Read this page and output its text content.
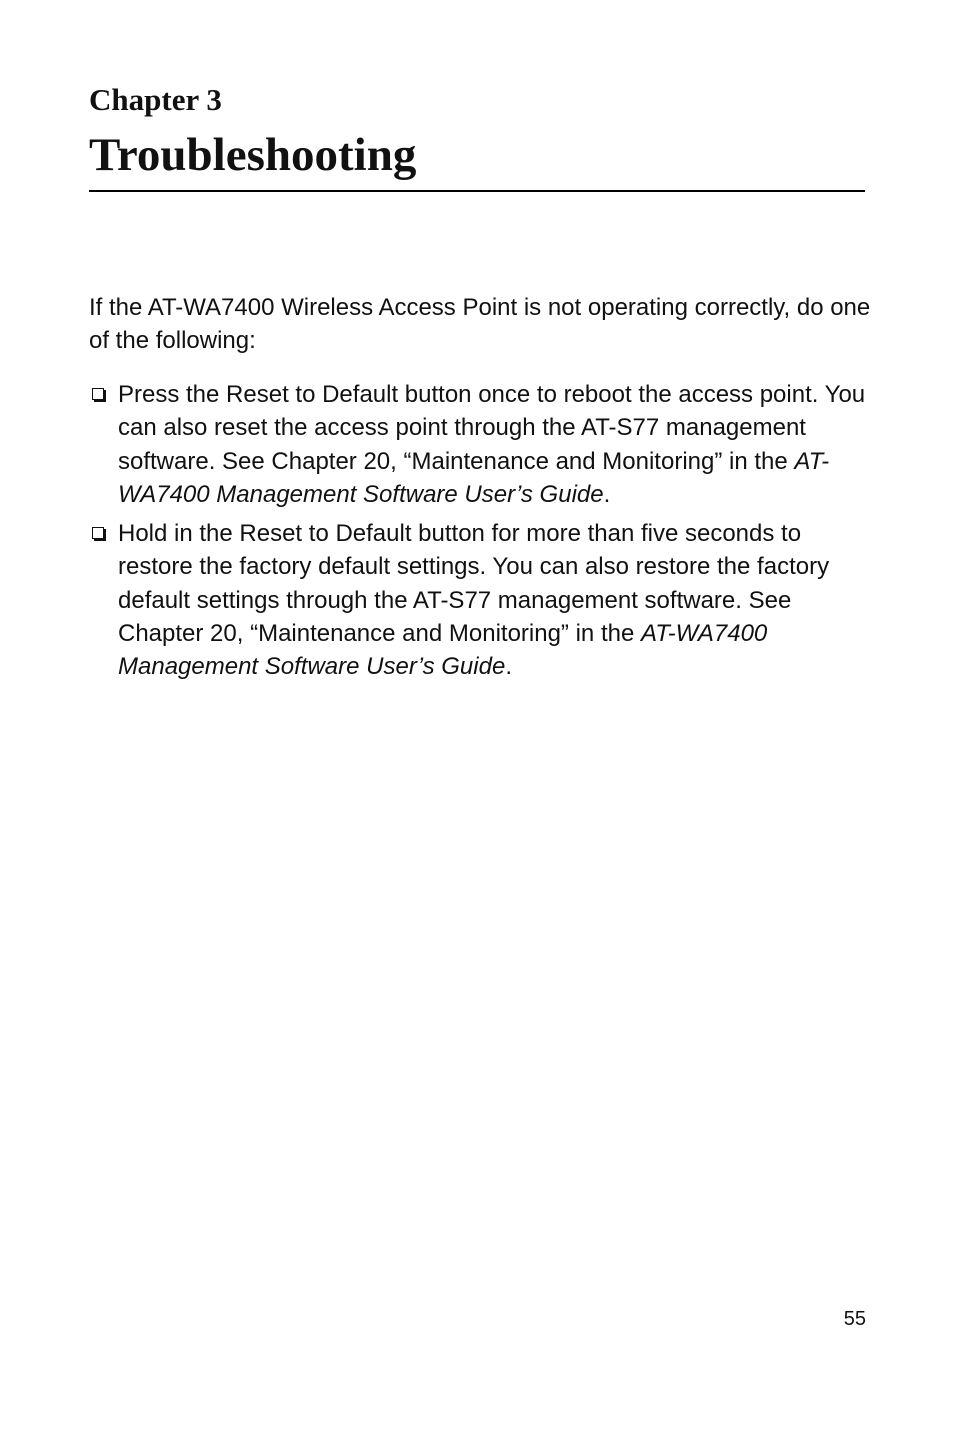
Chapter 3
Troubleshooting

If the AT-WA7400 Wireless Access Point is not operating correctly, do one of the following:

Press the Reset to Default button once to reboot the access point. You can also reset the access point through the AT-S77 management software. See Chapter 20, “Maintenance and Monitoring” in the AT-WA7400 Management Software User’s Guide.
Hold in the Reset to Default button for more than five seconds to restore the factory default settings. You can also restore the factory default settings through the AT-S77 management software. See Chapter 20, “Maintenance and Monitoring” in the AT-WA7400 Management Software User’s Guide.

55
